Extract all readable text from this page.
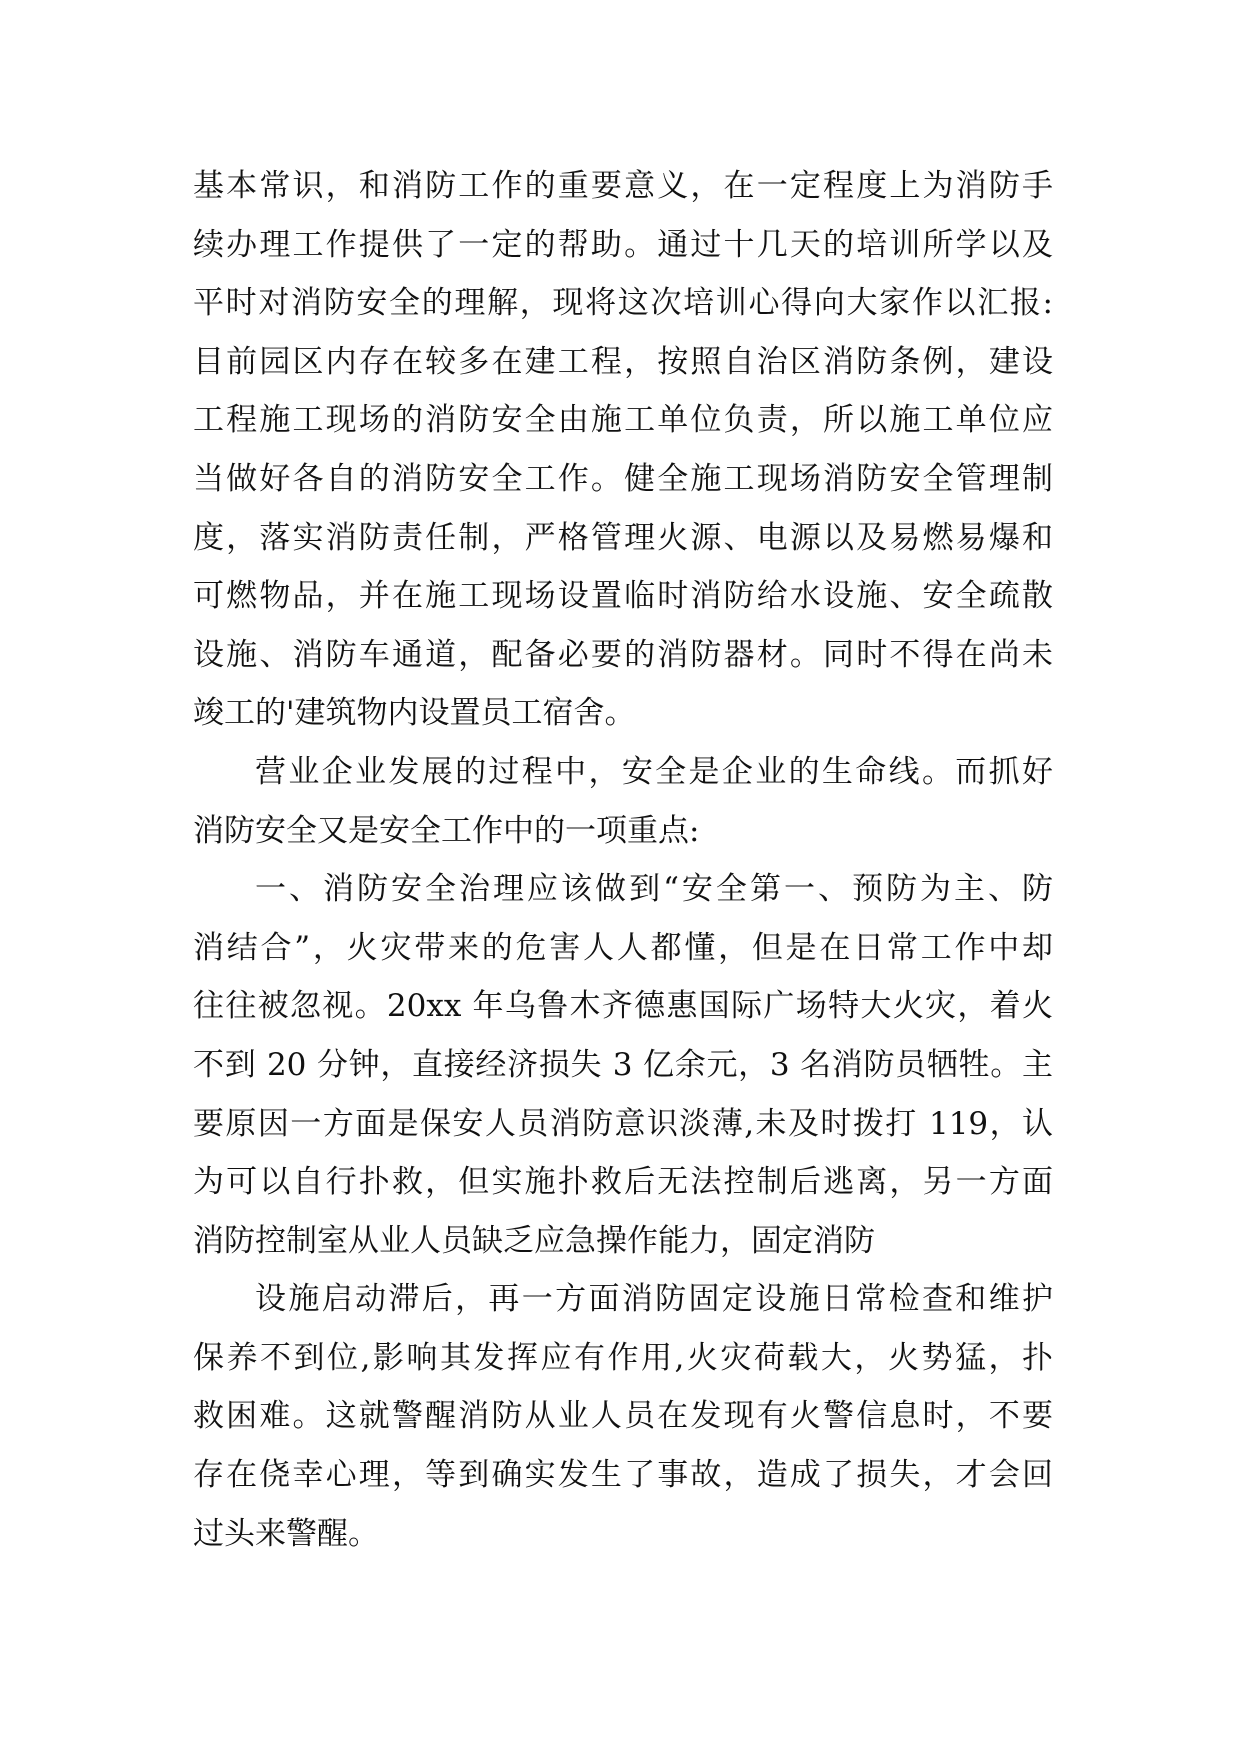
基本常识，和消防工作的重要意义，在一定程度上为消防手
续办理工作提供了一定的帮助。通过十几天的培训所学以及
平时对消防安全的理解，现将这次培训心得向大家作以汇报:
目前园区内存在较多在建工程，按照自治区消防条例，建设
工程施工现场的消防安全由施工单位负责，所以施工单位应
当做好各自的消防安全工作。健全施工现场消防安全管理制
度，落实消防责任制，严格管理火源、电源以及易燃易爆和
可燃物品，并在施工现场设置临时消防给水设施、安全疏散
设施、消防车通道，配备必要的消防器材。同时不得在尚未
竣工的'建筑物内设置员工宿舍。
营业企业发展的过程中，安全是企业的生命线。而抓好
消防安全又是安全工作中的一项重点:
一、消防安全治理应该做到“安全第一、预防为主、防
消结合”，火灾带来的危害人人都懂，但是在日常工作中却
往往被忽视。20xx 年乌鲁木齐德惠国际广场特大火灾，着火
不到 20 分钟，直接经济损失 3 亿余元，3 名消防员牺牲。主
要原因一方面是保安人员消防意识淡薄,未及时拨打 119，认
为可以自行扑救，但实施扑救后无法控制后逃离，另一方面
消防控制室从业人员缺乏应急操作能力，固定消防
设施启动滞后，再一方面消防固定设施日常检查和维护
保养不到位,影响其发挥应有作用,火灾荷载大，火势猛，扑
救困难。这就警醒消防从业人员在发现有火警信息时，不要
存在侥幸心理，等到确实发生了事故，造成了损失，才会回
过头来警醒。
